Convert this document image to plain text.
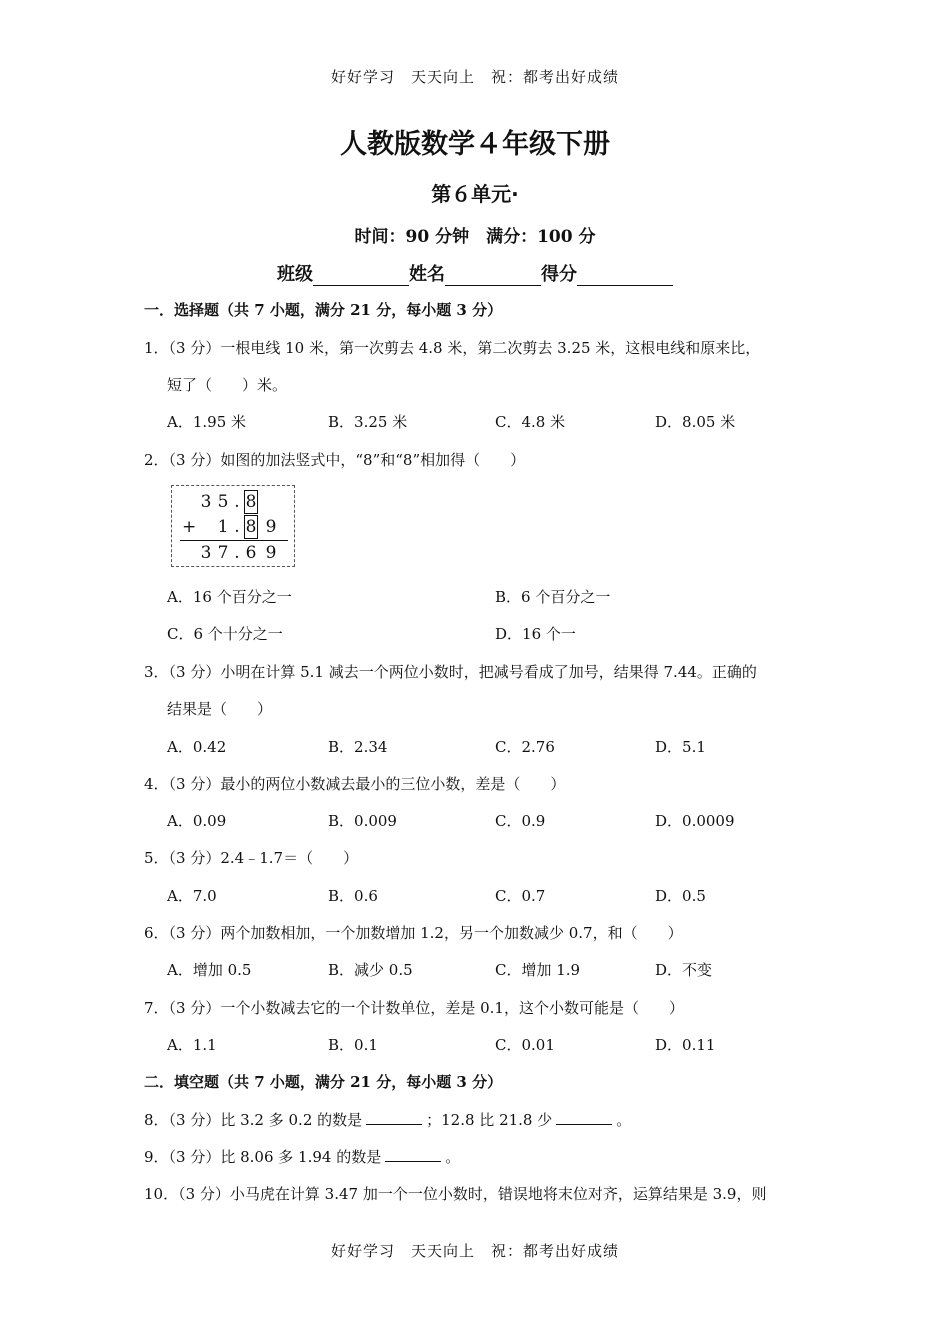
好好学习　天天向上　祝：都考出好成绩
人教版数学４年级下册
第６单元·
时间：90 分钟　满分：100 分
班级	姓名	得分
一．选择题（共 7 小题，满分 21 分，每小题 3 分）
1．（3 分）一根电线 10 米，第一次剪去 4.8 米，第二次剪去 3.25 米，这根电线和原来比，
短了（　　）米。
A．1.95 米	B．3.25 米	C．4.8 米	D．8.05 米
2．（3 分）如图的加法竖式中，“8”和“8”相加得（　　）
3 5 . 8
+ 1 . 8 9
3 7 . 6 9
A．16 个百分之一	B．6 个百分之一
C．6 个十分之一	D．16 个一
3．（3 分）小明在计算 5.1 减去一个两位小数时，把减号看成了加号，结果得 7.44。正确的
结果是（　　）
A．0.42	B．2.34	C．2.76	D．5.1
4．（3 分）最小的两位小数减去最小的三位小数，差是（　　）
A．0.09	B．0.009	C．0.9	D．0.0009
5．（3 分）2.4﹣1.7＝（　　）
A．7.0	B．0.6	C．0.7	D．0.5
6．（3 分）两个加数相加，一个加数增加 1.2，另一个加数减少 0.7，和（　　）
A．增加 0.5	B．减少 0.5	C．增加 1.9	D．不变
7．（3 分）一个小数减去它的一个计数单位，差是 0.1，这个小数可能是（　　）
A．1.1	B．0.1	C．0.01	D．0.11
二．填空题（共 7 小题，满分 21 分，每小题 3 分）
8．（3 分）比 3.2 多 0.2 的数是	；12.8 比 21.8 少	。
9．（3 分）比 8.06 多 1.94 的数是	。
10．（3 分）小马虎在计算 3.47 加一个一位小数时，错误地将末位对齐，运算结果是 3.9，则
好好学习　天天向上　祝：都考出好成绩
